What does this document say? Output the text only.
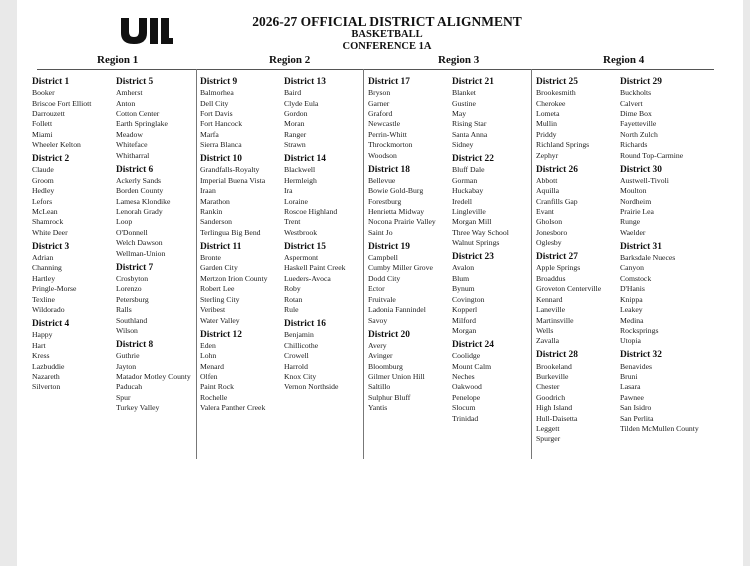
2026-27 OFFICIAL DISTRICT ALIGNMENT
BASKETBALL
CONFERENCE 1A
Region 1	Region 2	Region 3	Region 4
District 1
Booker
Briscoe Fort Elliott
Darrouzett
Follett
Miami
Wheeler Kelton
District 2
Claude
Groom
Hedley
Lefors
McLean
Shamrock
White Deer
District 3
Adrian
Channing
Hartley
Pringle-Morse
Texline
Wildorado
District 4
Happy
Hart
Kress
Lazbuddie
Nazareth
Silverton
District 5
Amherst
Anton
Cotton Center
Earth Springlake
Meadow
Whiteface
Whitharral
District 6
Ackerly Sands
Borden County
Lamesa Klondike
Lenorah Grady
Loop
O'Donnell
Welch Dawson
Wellman-Union
District 7
Crosbyton
Lorenzo
Petersburg
Ralls
Southland
Wilson
District 8
Guthrie
Jayton
Matador Motley County
Paducah
Spur
Turkey Valley
District 9
Balmorhea
Dell City
Fort Davis
Fort Hancock
Marfa
Sierra Blanca
District 10
Grandfalls-Royalty
Imperial Buena Vista
Iraan
Marathon
Rankin
Sanderson
Terlingua Big Bend
District 11
Bronte
Garden City
Mertzon Irion County
Robert Lee
Sterling City
Veribest
Water Valley
District 12
Eden
Lohn
Menard
Olfen
Paint Rock
Rochelle
Valera Panther Creek
District 13
Baird
Clyde Eula
Gordon
Moran
Ranger
Strawn
District 14
Blackwell
Hermleigh
Ira
Loraine
Roscoe Highland
Trent
Westbrook
District 15
Aspermont
Haskell Paint Creek
Lueders-Avoca
Roby
Rotan
Rule
District 16
Benjamin
Chillicothe
Crowell
Harrold
Knox City
Vernon Northside
District 17
Bryson
Garner
Graford
Newcastle
Perrin-Whitt
Throckmorton
Woodson
District 18
Bellevue
Bowie Gold-Burg
Forestburg
Henrietta Midway
Nocona Prairie Valley
Saint Jo
District 19
Campbell
Cumby Miller Grove
Dodd City
Ector
Fruitvale
Ladonia Fannindel
Savoy
District 20
Avery
Avinger
Bloomburg
Gilmer Union Hill
Saltillo
Sulphur Bluff
Yantis
District 21
Blanket
Gustine
May
Rising Star
Santa Anna
Sidney
District 22
Bluff Dale
Gorman
Huckabay
Iredell
Lingleville
Morgan Mill
Three Way School
Walnut Springs
District 23
Avalon
Blum
Bynum
Covington
Kopperl
Milford
Morgan
District 24
Coolidge
Mount Calm
Neches
Oakwood
Penelope
Slocum
Trinidad
District 25
Brookesmith
Cherokee
Lometa
Mullin
Priddy
Richland Springs
Zephyr
District 26
Abbott
Aquilla
Cranfills Gap
Evant
Gholson
Jonesboro
Oglesby
District 27
Apple Springs
Broaddus
Groveton Centerville
Kennard
Laneville
Martinsville
Wells
Zavalla
District 28
Brookeland
Burkeville
Chester
Goodrich
High Island
Hull-Daisetta
Leggett
Spurger
District 29
Buckholts
Calvert
Dime Box
Fayetteville
North Zulch
Richards
Round Top-Carmine
District 30
Austwell-Tivoli
Moulton
Nordheim
Prairie Lea
Runge
Waelder
District 31
Barksdale Nueces
Canyon
Comstock
D'Hanis
Knippa
Leakey
Medina
Rocksprings
Utopia
District 32
Benavides
Bruni
Lasara
Pawnee
San Isidro
San Perlita
Tilden McMullen County
